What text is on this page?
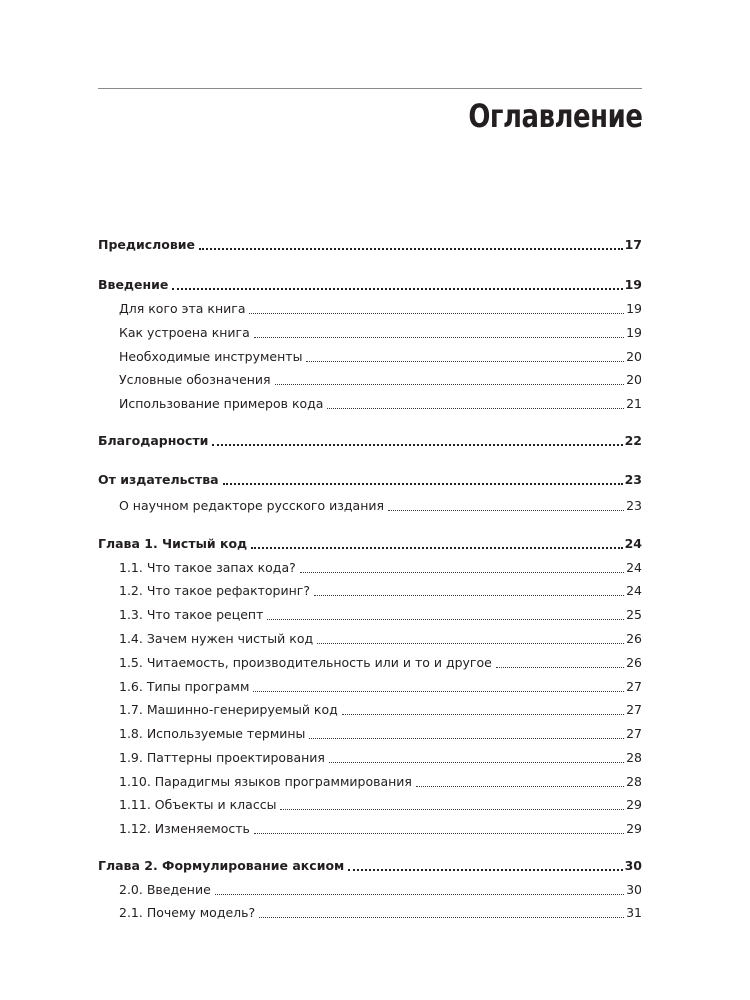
Оглавление
Предисловие	17
Введение	19
Для кого эта книга	19
Как устроена книга	19
Необходимые инструменты	20
Условные обозначения	20
Использование примеров кода	21
Благодарности	22
От издательства	23
О научном редакторе русского издания	23
Глава 1. Чистый код	24
1.1. Что такое запах кода?	24
1.2. Что такое рефакторинг?	24
1.3. Что такое рецепт	25
1.4. Зачем нужен чистый код	26
1.5. Читаемость, производительность или и то и другое	26
1.6. Типы программ	27
1.7. Машинно-генерируемый код	27
1.8. Используемые термины	27
1.9. Паттерны проектирования	28
1.10. Парадигмы языков программирования	28
1.11. Объекты и классы	29
1.12. Изменяемость	29
Глава 2. Формулирование аксиом	30
2.0. Введение	30
2.1. Почему модель?	31
